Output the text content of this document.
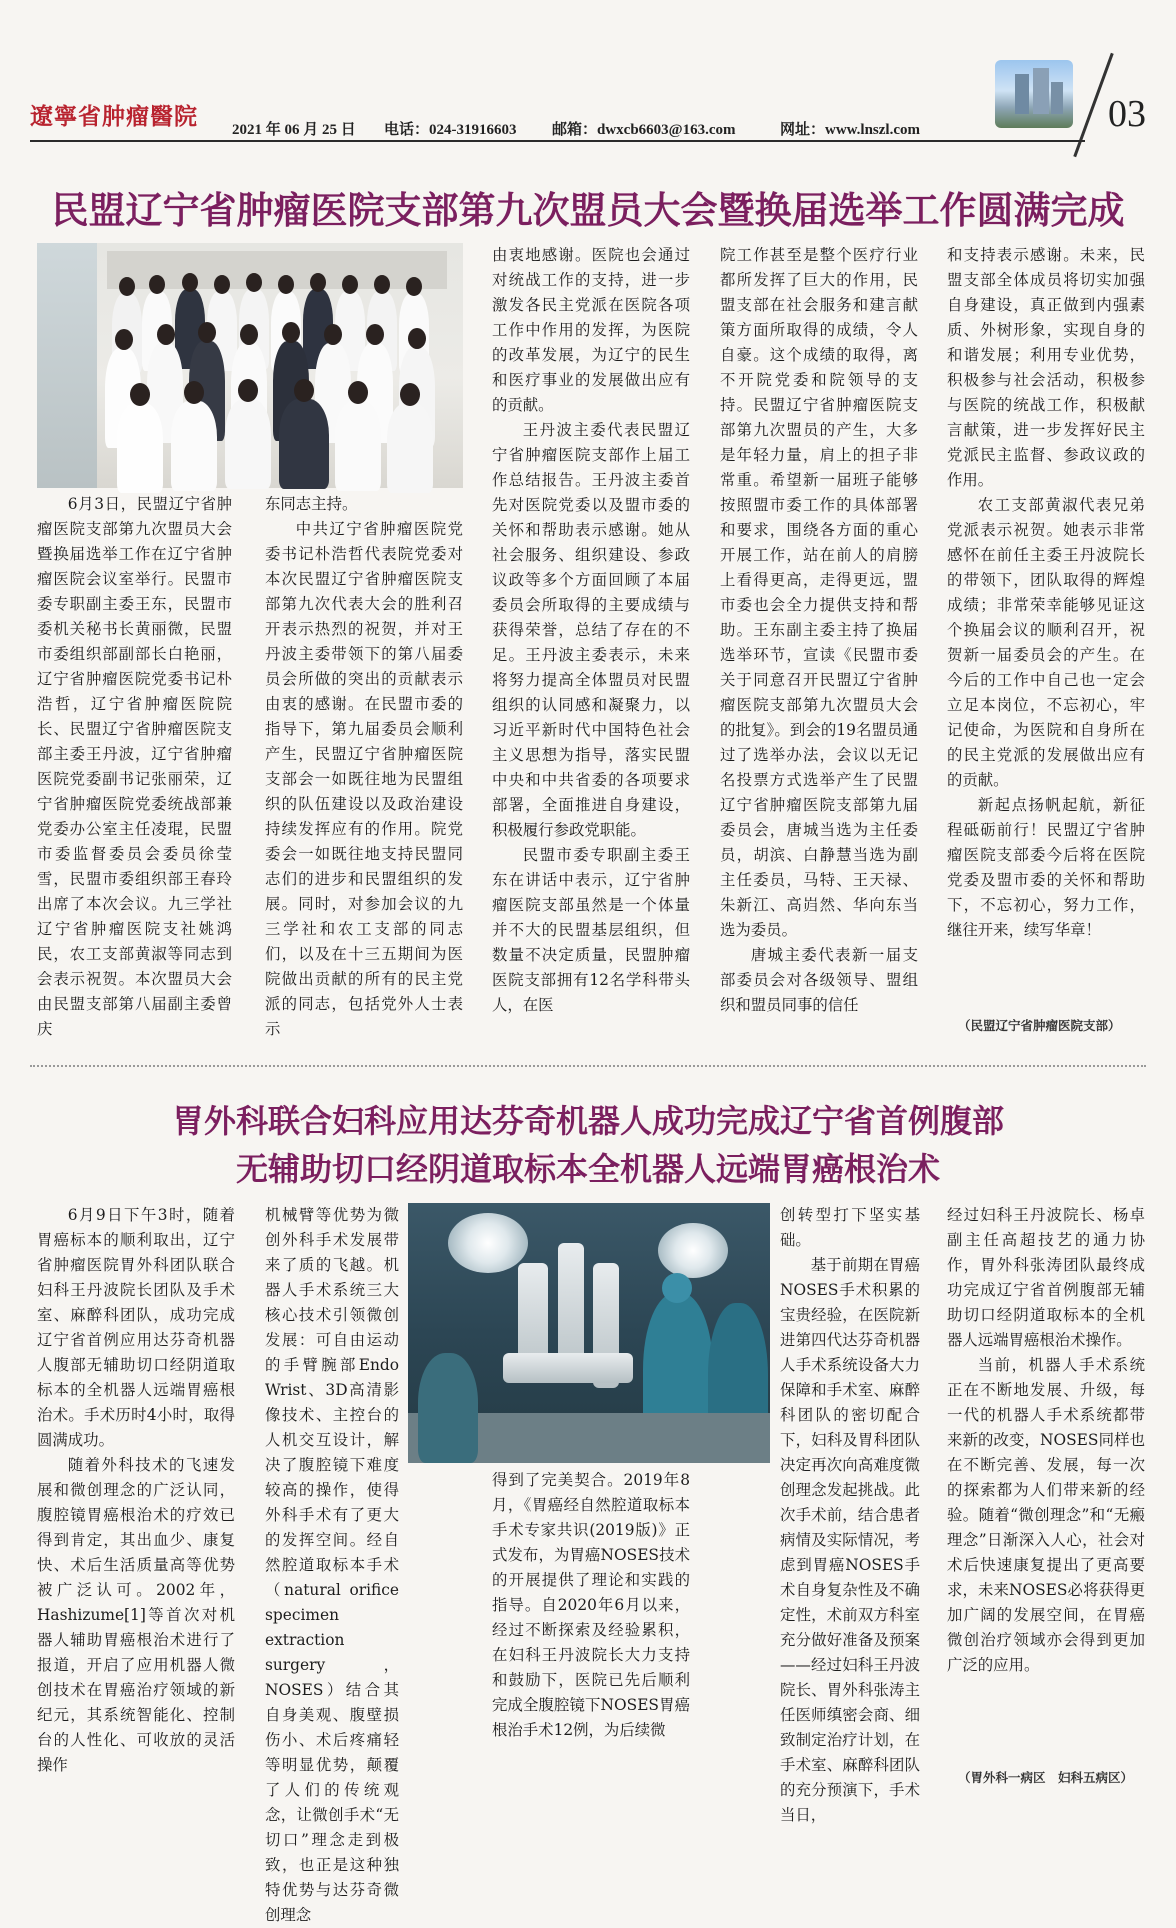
遼寧省肿瘤醫院 2021 年 06 月 25 日 电话：024-31916603 邮箱：dwxcb6603@163.com	网址：www.lnszl.com	03
民盟辽宁省肿瘤医院支部第九次盟员大会暨换届选举工作圆满完成

6月3日，民盟辽宁省肿瘤医院支部第九次盟员大会暨换届选举工作在辽宁省肿瘤医院会议室举行。民盟市委专职副主委王东，民盟市委机关秘书长黄丽微，民盟市委组织部副部长白艳丽，辽宁省肿瘤医院党委书记朴浩哲，辽宁省肿瘤医院院长、民盟辽宁省肿瘤医院支部主委王丹波，辽宁省肿瘤医院党委副书记张丽荣，辽宁省肿瘤医院党委统战部兼党委办公室主任凌琨，民盟市委监督委员会委员徐莹雪，民盟市委组织部王春玲出席了本次会议。九三学社辽宁省肿瘤医院支社姚鸿民，农工支部黄淑等同志到会表示祝贺。本次盟员大会由民盟支部第八届副主委曾庆

东同志主持。

中共辽宁省肿瘤医院党委书记朴浩哲代表院党委对本次民盟辽宁省肿瘤医院支部第九次代表大会的胜利召开表示热烈的祝贺，并对王丹波主委带领下的第八届委员会所做的突出的贡献表示由衷的感谢。在民盟市委的指导下，第九届委员会顺利产生，民盟辽宁省肿瘤医院支部会一如既往地为民盟组织的队伍建设以及政治建设持续发挥应有的作用。院党委会一如既往地支持民盟同志们的进步和民盟组织的发展。同时，对参加会议的九三学社和农工支部的同志们，以及在十三五期间为医院做出贡献的所有的民主党派的同志，包括党外人士表示

由衷地感谢。医院也会通过对统战工作的支持，进一步激发各民主党派在医院各项工作中作用的发挥，为医院的改革发展，为辽宁的民生和医疗事业的发展做出应有的贡献。

王丹波主委代表民盟辽宁省肿瘤医院支部作上届工作总结报告。王丹波主委首先对医院党委以及盟市委的关怀和帮助表示感谢。她从社会服务、组织建设、参政议政等多个方面回顾了本届委员会所取得的主要成绩与获得荣誉，总结了存在的不足。王丹波主委表示，未来将努力提高全体盟员对民盟组织的认同感和凝聚力，以习近平新时代中国特色社会主义思想为指导，落实民盟中央和中共省委的各项要求部署，全面推进自身建设，积极履行参政党职能。

民盟市委专职副主委王东在讲话中表示，辽宁省肿瘤医院支部虽然是一个体量并不大的民盟基层组织，但数量不决定质量，民盟肿瘤医院支部拥有12名学科带头人，在医

院工作甚至是整个医疗行业都所发挥了巨大的作用，民盟支部在社会服务和建言献策方面所取得的成绩，令人自豪。这个成绩的取得，离不开院党委和院领导的支持。民盟辽宁省肿瘤医院支部第九次盟员的产生，大多是年轻力量，肩上的担子非常重。希望新一届班子能够按照盟市委工作的具体部署和要求，围绕各方面的重心开展工作，站在前人的肩膀上看得更高，走得更远，盟市委也会全力提供支持和帮助。王东副主委主持了换届选举环节，宣读《民盟市委关于同意召开民盟辽宁省肿瘤医院支部第九次盟员大会的批复》。到会的19名盟员通过了选举办法，会议以无记名投票方式选举产生了民盟辽宁省肿瘤医院支部第九届委员会，唐城当选为主任委员，胡滨、白静慧当选为副主任委员，马特、王天禄、朱新江、高岿然、华向东当选为委员。

唐城主委代表新一届支部委员会对各级领导、盟组织和盟员同事的信任

和支持表示感谢。未来，民盟支部全体成员将切实加强自身建设，真正做到内强素质、外树形象，实现自身的和谐发展；利用专业优势，积极参与社会活动，积极参与医院的统战工作，积极献言献策，进一步发挥好民主党派民主监督、参政议政的作用。

农工支部黄淑代表兄弟党派表示祝贺。她表示非常感怀在前任主委王丹波院长的带领下，团队取得的辉煌成绩；非常荣幸能够见证这个换届会议的顺利召开，祝贺新一届委员会的产生。在今后的工作中自己也一定会立足本岗位，不忘初心，牢记使命，为医院和自身所在的民主党派的发展做出应有的贡献。

新起点扬帆起航，新征程砥砺前行！民盟辽宁省肿瘤医院支部委今后将在医院党委及盟市委的关怀和帮助下，不忘初心，努力工作，继往开来，续写华章！

（民盟辽宁省肿瘤医院支部）
胃外科联合妇科应用达芬奇机器人成功完成辽宁省首例腹部
无辅助切口经阴道取标本全机器人远端胃癌根治术

6月9日下午3时，随着胃癌标本的顺利取出，辽宁省肿瘤医院胃外科团队联合妇科王丹波院长团队及手术室、麻醉科团队，成功完成辽宁省首例应用达芬奇机器人腹部无辅助切口经阴道取标本的全机器人远端胃癌根治术。手术历时4小时，取得圆满成功。

随着外科技术的飞速发展和微创理念的广泛认同，腹腔镜胃癌根治术的疗效已得到肯定，其出血少、康复快、术后生活质量高等优势被广泛认可。2002年，Hashizume[1]等首次对机器人辅助胃癌根治术进行了报道，开启了应用机器人微创技术在胃癌治疗领域的新纪元，其系统智能化、控制台的人性化、可收放的灵活操作

机械臂等优势为微创外科手术发展带来了质的飞越。机器人手术系统三大核心技术引领微创发展：可自由运动的手臂腕部Endo Wrist、3D高清影像技术、主控台的人机交互设计，解决了腹腔镜下难度较高的操作，使得外科手术有了更大的发挥空间。经自然腔道取标本手术（natural orifice specimen extraction surgery，NOSES）结合其自身美观、腹壁损伤小、术后疼痛轻等明显优势，颠覆了人们的传统观念，让微创手术“无切口”理念走到极致，也正是这种独特优势与达芬奇微创理念

得到了完美契合。2019年8月，《胃癌经自然腔道取标本手术专家共识(2019版)》正式发布，为胃癌NOSES技术的开展提供了理论和实践的指导。自2020年6月以来，经过不断探索及经验累积，在妇科王丹波院长大力支持和鼓励下，医院已先后顺利完成全腹腔镜下NOSES胃癌根治手术12例，为后续微

创转型打下坚实基础。

基于前期在胃癌NOSES手术积累的宝贵经验，在医院新进第四代达芬奇机器人手术系统设备大力保障和手术室、麻醉科团队的密切配合下，妇科及胃科团队决定再次向高难度微创理念发起挑战。此次手术前，结合患者病情及实际情况，考虑到胃癌NOSES手术自身复杂性及不确定性，术前双方科室充分做好准备及预案——经过妇科王丹波院长、胃外科张涛主任医师缜密会商、细致制定治疗计划，在手术室、麻醉科团队的充分预演下，手术当日，

经过妇科王丹波院长、杨卓副主任高超技艺的通力协作，胃外科张涛团队最终成功完成辽宁省首例腹部无辅助切口经阴道取标本的全机器人远端胃癌根治术操作。

当前，机器人手术系统正在不断地发展、升级，每一代的机器人手术系统都带来新的改变，NOSES同样也在不断完善、发展，每一次的探索都为人们带来新的经验。随着“微创理念”和“无瘢理念”日渐深入人心，社会对术后快速康复提出了更高要求，未来NOSES必将获得更加广阔的发展空间，在胃癌微创治疗领域亦会得到更加广泛的应用。

（胃外科一病区　妇科五病区）
